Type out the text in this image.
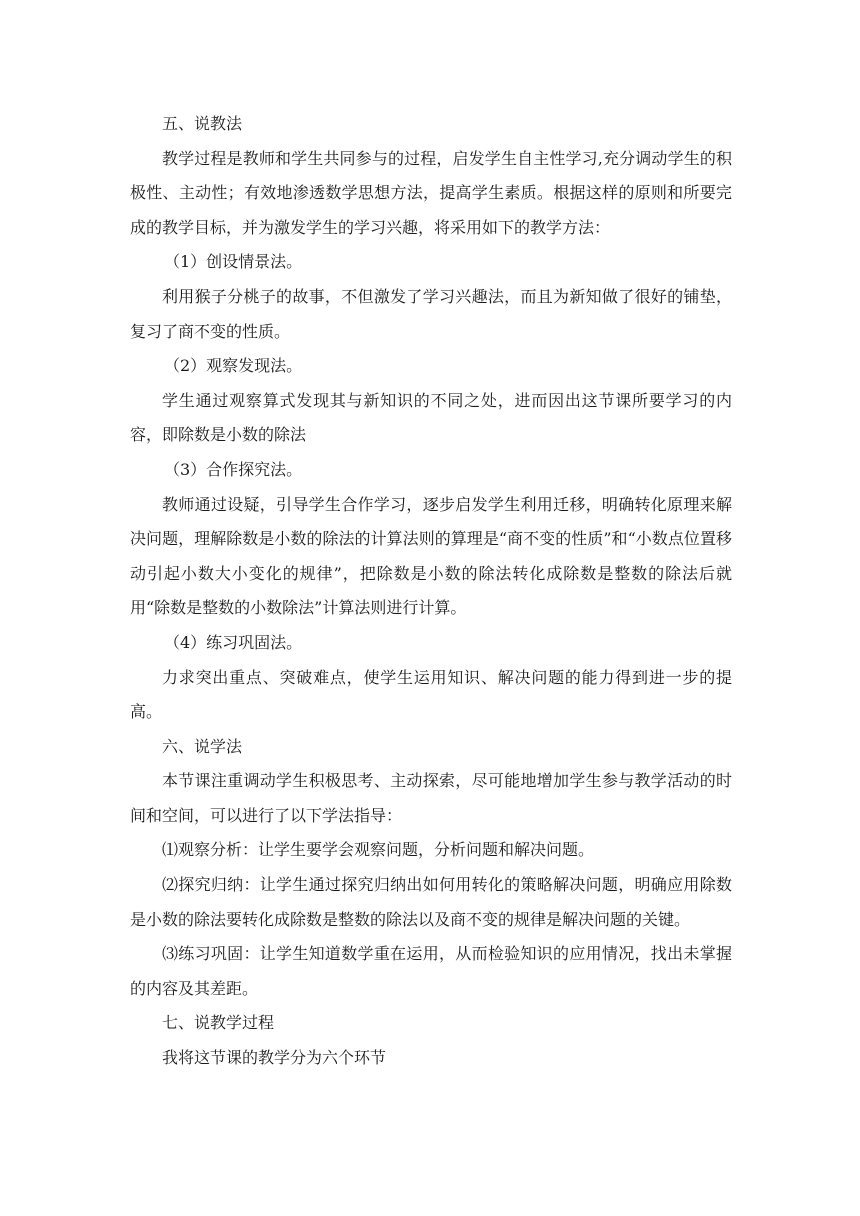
五、说教法

教学过程是教师和学生共同参与的过程，启发学生自主性学习,充分调动学生的积极性、主动性；有效地渗透数学思想方法，提高学生素质。根据这样的原则和所要完成的教学目标，并为激发学生的学习兴趣，将采用如下的教学方法：

（1）创设情景法。

利用猴子分桃子的故事，不但激发了学习兴趣法，而且为新知做了很好的铺垫，复习了商不变的性质。

（2）观察发现法。

学生通过观察算式发现其与新知识的不同之处，进而因出这节课所要学习的内容，即除数是小数的除法

（3）合作探究法。

教师通过设疑，引导学生合作学习，逐步启发学生利用迁移，明确转化原理来解决问题，理解除数是小数的除法的计算法则的算理是“商不变的性质”和“小数点位置移动引起小数大小变化的规律”，把除数是小数的除法转化成除数是整数的除法后就用“除数是整数的小数除法”计算法则进行计算。

（4）练习巩固法。

力求突出重点、突破难点，使学生运用知识、解决问题的能力得到进一步的提高。

六、说学法

本节课注重调动学生积极思考、主动探索，尽可能地增加学生参与教学活动的时间和空间，可以进行了以下学法指导：

⑴观察分析：让学生要学会观察问题，分析问题和解决问题。

⑵探究归纳：让学生通过探究归纳出如何用转化的策略解决问题，明确应用除数是小数的除法要转化成除数是整数的除法以及商不变的规律是解决问题的关键。

⑶练习巩固：让学生知道数学重在运用，从而检验知识的应用情况，找出未掌握的内容及其差距。

七、说教学过程

我将这节课的教学分为六个环节
